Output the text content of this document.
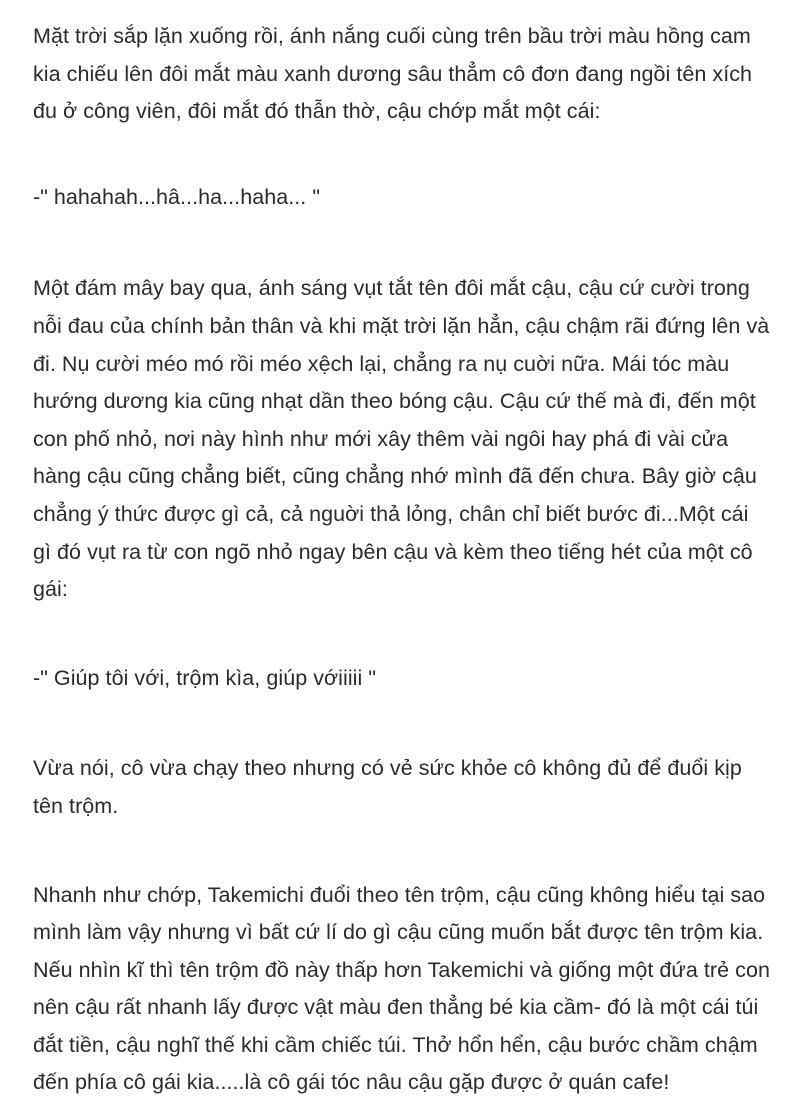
Mặt trời sắp lặn xuống rồi, ánh nắng cuối cùng trên bầu trời màu hồng cam kia chiếu lên đôi mắt màu xanh dương sâu thẳm cô đơn đang ngồi tên xích đu ở công viên, đôi mắt đó thẫn thờ, cậu chớp mắt một cái:

-" hahahah...hâ...ha...haha... "

Một đám mây bay qua, ánh sáng vụt tắt tên đôi mắt cậu, cậu cứ cười trong nỗi đau của chính bản thân và khi mặt trời lặn hẳn, cậu chậm rãi đứng lên và đi. Nụ cười méo mó rồi méo xệch lại, chẳng ra nụ cuời nữa. Mái tóc màu hướng dương kia cũng nhạt dần theo bóng cậu. Cậu cứ thế mà đi, đến một con phố nhỏ, nơi này hình như mới xây thêm vài ngôi hay phá đi vài cửa hàng cậu cũng chẳng biết, cũng chẳng nhớ mình đã đến chưa. Bây giờ cậu chẳng ý thức được gì cả, cả nguời thả lỏng, chân chỉ biết bước đi...Một cái gì đó vụt ra từ con ngõ nhỏ ngay bên cậu và kèm theo tiếng hét của một cô gái:

-" Giúp tôi với, trộm kìa, giúp vớiiiii "

Vừa nói, cô vừa chạy theo nhưng có vẻ sức khỏe cô không đủ để đuổi kịp tên trộm.

Nhanh như chớp, Takemichi đuổi theo tên trộm, cậu cũng không hiểu tại sao mình làm vậy nhưng vì bất cứ lí do gì cậu cũng muốn bắt được tên trộm kia. Nếu nhìn kĩ thì tên trộm đồ này thấp hơn Takemichi và giống một đứa trẻ con nên cậu rất nhanh lấy được vật màu đen thẳng bé kia cầm- đó là một cái túi đắt tiền, cậu nghĩ thế khi cầm chiếc túi. Thở hổn hển, cậu bước chầm chậm đến phía cô gái kia.....là cô gái tóc nâu cậu gặp được ở quán cafe!
